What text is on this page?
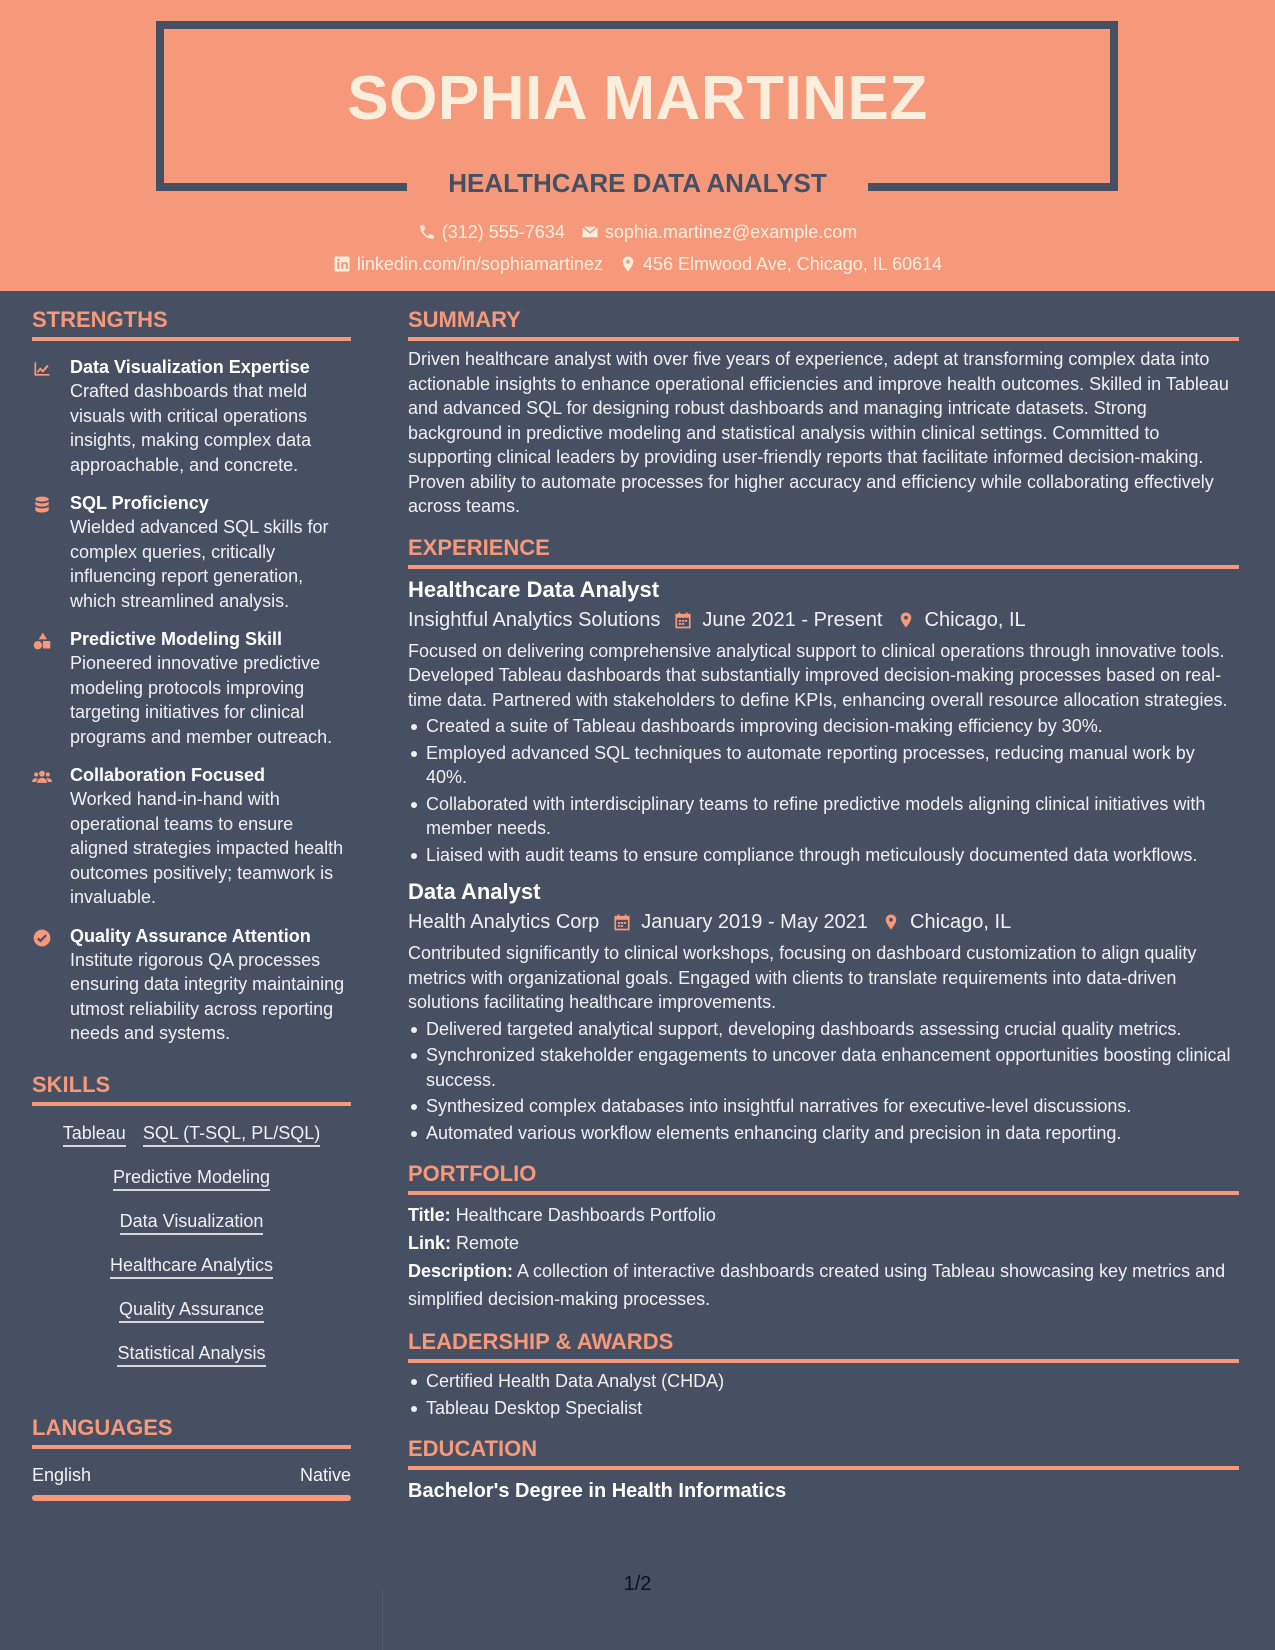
SOPHIA MARTINEZ
HEALTHCARE DATA ANALYST
(312) 555-7634 sophia.martinez@example.com
linkedin.com/in/sophiamartinez 456 Elmwood Ave, Chicago, IL 60614
STRENGTHS
Data Visualization Expertise
Crafted dashboards that meld visuals with critical operations insights, making complex data approachable, and concrete.
SQL Proficiency
Wielded advanced SQL skills for complex queries, critically influencing report generation, which streamlined analysis.
Predictive Modeling Skill
Pioneered innovative predictive modeling protocols improving targeting initiatives for clinical programs and member outreach.
Collaboration Focused
Worked hand-in-hand with operational teams to ensure aligned strategies impacted health outcomes positively; teamwork is invaluable.
Quality Assurance Attention
Institute rigorous QA processes ensuring data integrity maintaining utmost reliability across reporting needs and systems.
SKILLS
Tableau SQL (T-SQL, PL/SQL)
Predictive Modeling
Data Visualization
Healthcare Analytics
Quality Assurance
Statistical Analysis
LANGUAGES
English	Native
SUMMARY
Driven healthcare analyst with over five years of experience, adept at transforming complex data into actionable insights to enhance operational efficiencies and improve health outcomes. Skilled in Tableau and advanced SQL for designing robust dashboards and managing intricate datasets. Strong background in predictive modeling and statistical analysis within clinical settings. Committed to supporting clinical leaders by providing user-friendly reports that facilitate informed decision-making. Proven ability to automate processes for higher accuracy and efficiency while collaborating effectively across teams.
EXPERIENCE
Healthcare Data Analyst
Insightful Analytics Solutions June 2021 - Present Chicago, IL
Focused on delivering comprehensive analytical support to clinical operations through innovative tools. Developed Tableau dashboards that substantially improved decision-making processes based on real-time data. Partnered with stakeholders to define KPIs, enhancing overall resource allocation strategies.
Created a suite of Tableau dashboards improving decision-making efficiency by 30%.
Employed advanced SQL techniques to automate reporting processes, reducing manual work by 40%.
Collaborated with interdisciplinary teams to refine predictive models aligning clinical initiatives with member needs.
Liaised with audit teams to ensure compliance through meticulously documented data workflows.
Data Analyst
Health Analytics Corp January 2019 - May 2021 Chicago, IL
Contributed significantly to clinical workshops, focusing on dashboard customization to align quality metrics with organizational goals. Engaged with clients to translate requirements into data-driven solutions facilitating healthcare improvements.
Delivered targeted analytical support, developing dashboards assessing crucial quality metrics.
Synchronized stakeholder engagements to uncover data enhancement opportunities boosting clinical success.
Synthesized complex databases into insightful narratives for executive-level discussions.
Automated various workflow elements enhancing clarity and precision in data reporting.
PORTFOLIO
Title: Healthcare Dashboards Portfolio
Link: Remote
Description: A collection of interactive dashboards created using Tableau showcasing key metrics and simplified decision-making processes.
LEADERSHIP & AWARDS
Certified Health Data Analyst (CHDA)
Tableau Desktop Specialist
EDUCATION
Bachelor's Degree in Health Informatics
1/2
